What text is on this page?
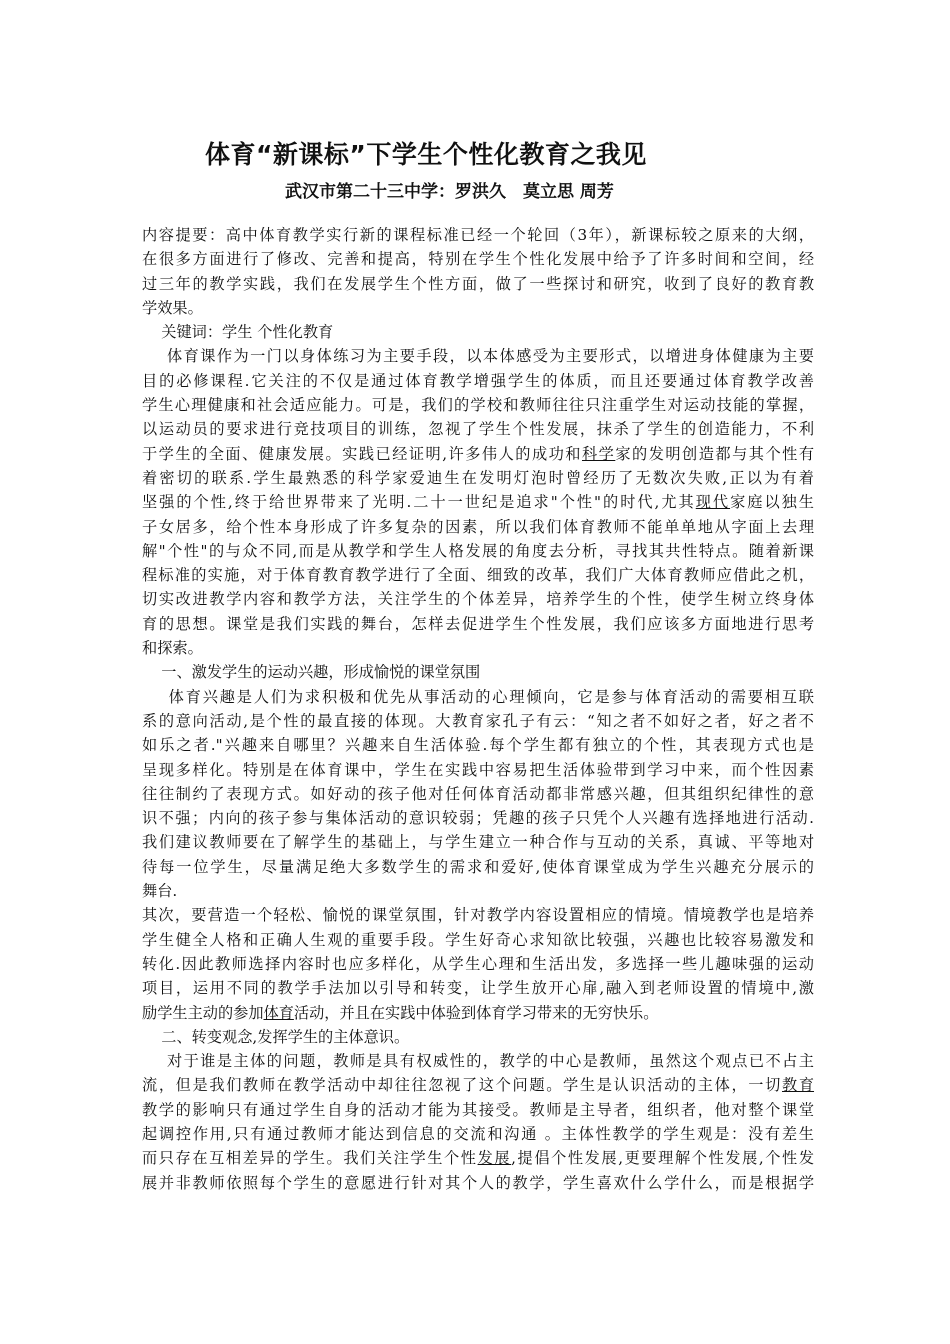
体育“新课标”下学生个性化教育之我见
武汉市第二十三中学：罗洪久　莫立思 周芳
内容提要：高中体育教学实行新的课程标准已经一个轮回（3年），新课标较之原来的大纲，
在很多方面进行了修改、完善和提高，特别在学生个性化发展中给予了许多时间和空间，经
过三年的教学实践，我们在发展学生个性方面，做了一些探讨和研究，收到了良好的教育教
学效果。
关键词：学生 个性化教育
体育课作为一门以身体练习为主要手段，以本体感受为主要形式，以增进身体健康为主要
目的必修课程.它关注的不仅是通过体育教学增强学生的体质，而且还要通过体育教学改善
学生心理健康和社会适应能力。可是，我们的学校和教师往往只注重学生对运动技能的掌握，
以运动员的要求进行竞技项目的训练，忽视了学生个性发展，抹杀了学生的创造能力，不利
于学生的全面、健康发展。实践已经证明,许多伟人的成功和科学家的发明创造都与其个性有
着密切的联系.学生最熟悉的科学家爱迪生在发明灯泡时曾经历了无数次失败,正以为有着
坚强的个性,终于给世界带来了光明.二十一世纪是追求"个性"的时代,尤其现代家庭以独生
子女居多，给个性本身形成了许多复杂的因素，所以我们体育教师不能单单地从字面上去理
解"个性"的与众不同,而是从教学和学生人格发展的角度去分析，寻找其共性特点。随着新课
程标准的实施，对于体育教育教学进行了全面、细致的改革，我们广大体育教师应借此之机，
切实改进教学内容和教学方法，关注学生的个体差异，培养学生的个性，使学生树立终身体
育的思想。课堂是我们实践的舞台，怎样去促进学生个性发展，我们应该多方面地进行思考
和探索。
一、激发学生的运动兴趣，形成愉悦的课堂氛围
体育兴趣是人们为求积极和优先从事活动的心理倾向，它是参与体育活动的需要相互联
系的意向活动,是个性的最直接的体现。大教育家孔子有云：“知之者不如好之者，好之者不
如乐之者."兴趣来自哪里？兴趣来自生活体验.每个学生都有独立的个性，其表现方式也是
呈现多样化。特别是在体育课中，学生在实践中容易把生活体验带到学习中来，而个性因素
往往制约了表现方式。如好动的孩子他对任何体育活动都非常感兴趣，但其组织纪律性的意
识不强；内向的孩子参与集体活动的意识较弱；凭趣的孩子只凭个人兴趣有选择地进行活动.
我们建议教师要在了解学生的基础上，与学生建立一种合作与互动的关系，真诚、平等地对
待每一位学生，尽量满足绝大多数学生的需求和爱好,使体育课堂成为学生兴趣充分展示的
舞台.
其次，要营造一个轻松、愉悦的课堂氛围，针对教学内容设置相应的情境。情境教学也是培养
学生健全人格和正确人生观的重要手段。学生好奇心求知欲比较强，兴趣也比较容易激发和
转化.因此教师选择内容时也应多样化，从学生心理和生活出发，多选择一些儿趣味强的运动
项目，运用不同的教学手法加以引导和转变，让学生放开心扉,融入到老师设置的情境中,激
励学生主动的参加体育活动，并且在实践中体验到体育学习带来的无穷快乐。
二、转变观念,发挥学生的主体意识。
对于谁是主体的问题，教师是具有权威性的，教学的中心是教师，虽然这个观点已不占主
流，但是我们教师在教学活动中却往往忽视了这个问题。学生是认识活动的主体，一切教育
教学的影响只有通过学生自身的活动才能为其接受。教师是主导者，组织者，他对整个课堂
起调控作用,只有通过教师才能达到信息的交流和沟通 。主体性教学的学生观是：没有差生
而只存在互相差异的学生。我们关注学生个性发展,提倡个性发展,更要理解个性发展,个性发
展并非教师依照每个学生的意愿进行针对其个人的教学，学生喜欢什么学什么，而是根据学
